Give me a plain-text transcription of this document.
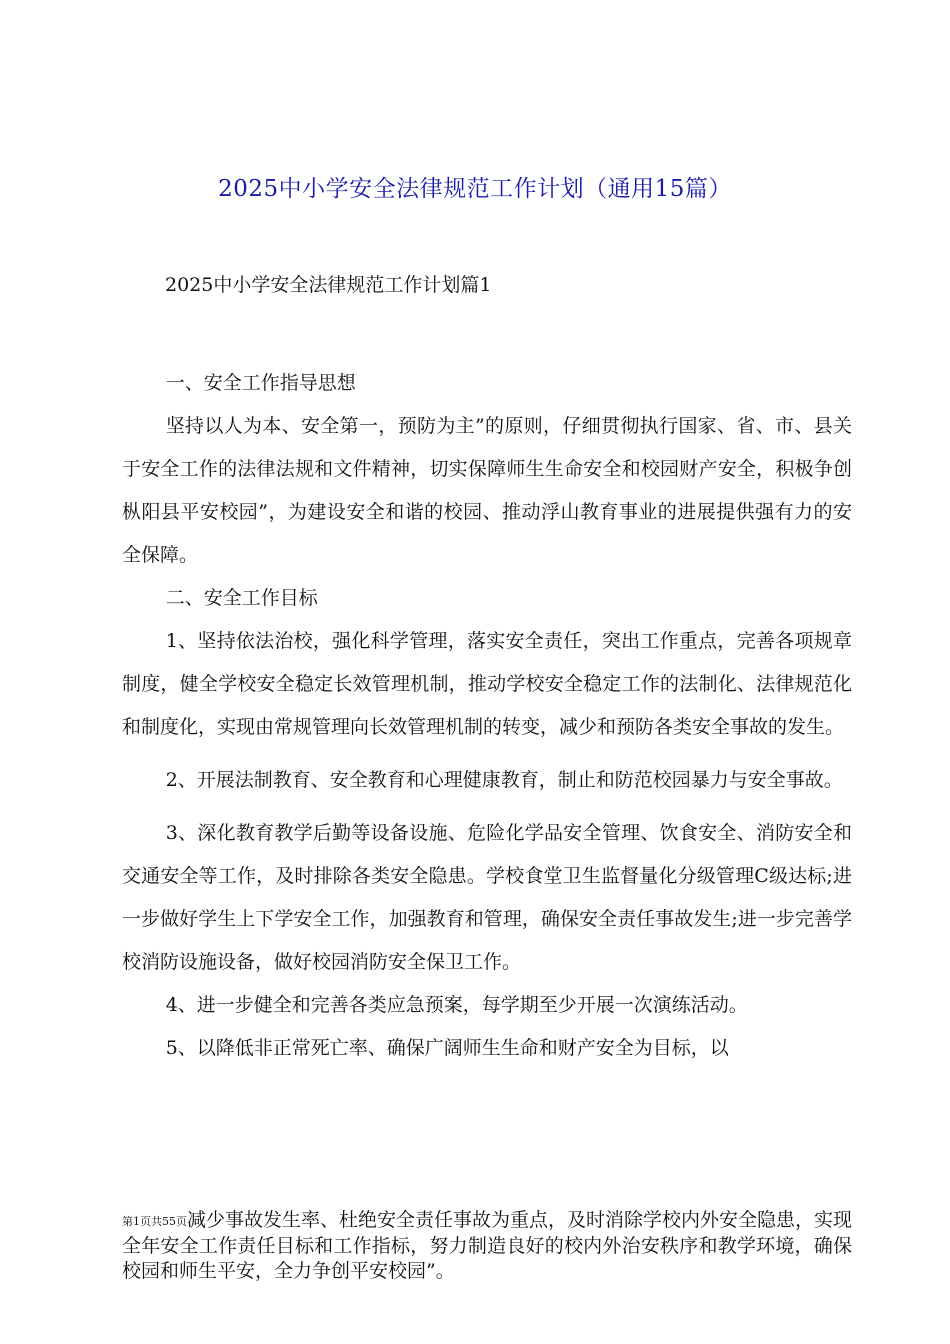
2025中小学安全法律规范工作计划（通用15篇）
2025中小学安全法律规范工作计划篇1

一、安全工作指导思想

坚持以人为本、安全第一，预防为主”的原则，仔细贯彻执行国家、省、市、县关于安全工作的法律法规和文件精神，切实保障师生生命安全和校园财产安全，积极争创枞阳县平安校园”，为建设安全和谐的校园、推动浮山教育事业的进展提供强有力的安全保障。

二、安全工作目标

1、坚持依法治校，强化科学管理，落实安全责任，突出工作重点，完善各项规章制度，健全学校安全稳定长效管理机制，推动学校安全稳定工作的法制化、法律规范化和制度化，实现由常规管理向长效管理机制的转变，减少和预防各类安全事故的发生。

2、开展法制教育、安全教育和心理健康教育，制止和防范校园暴力与安全事故。

3、深化教育教学后勤等设备设施、危险化学品安全管理、饮食安全、消防安全和交通安全等工作，及时排除各类安全隐患。学校食堂卫生监督量化分级管理C级达标;进一步做好学生上下学安全工作，加强教育和管理，确保安全责任事故发生;进一步完善学校消防设施设备，做好校园消防安全保卫工作。

4、进一步健全和完善各类应急预案，每学期至少开展一次演练活动。

5、以降低非正常死亡率、确保广阔师生生命和财产安全为目标，以

第1页共55页减少事故发生率、杜绝安全责任事故为重点，及时消除学校内外安全隐患，实现全年安全工作责任目标和工作指标，努力制造良好的校内外治安秩序和教学环境，确保校园和师生平安，全力争创平安校园”。
